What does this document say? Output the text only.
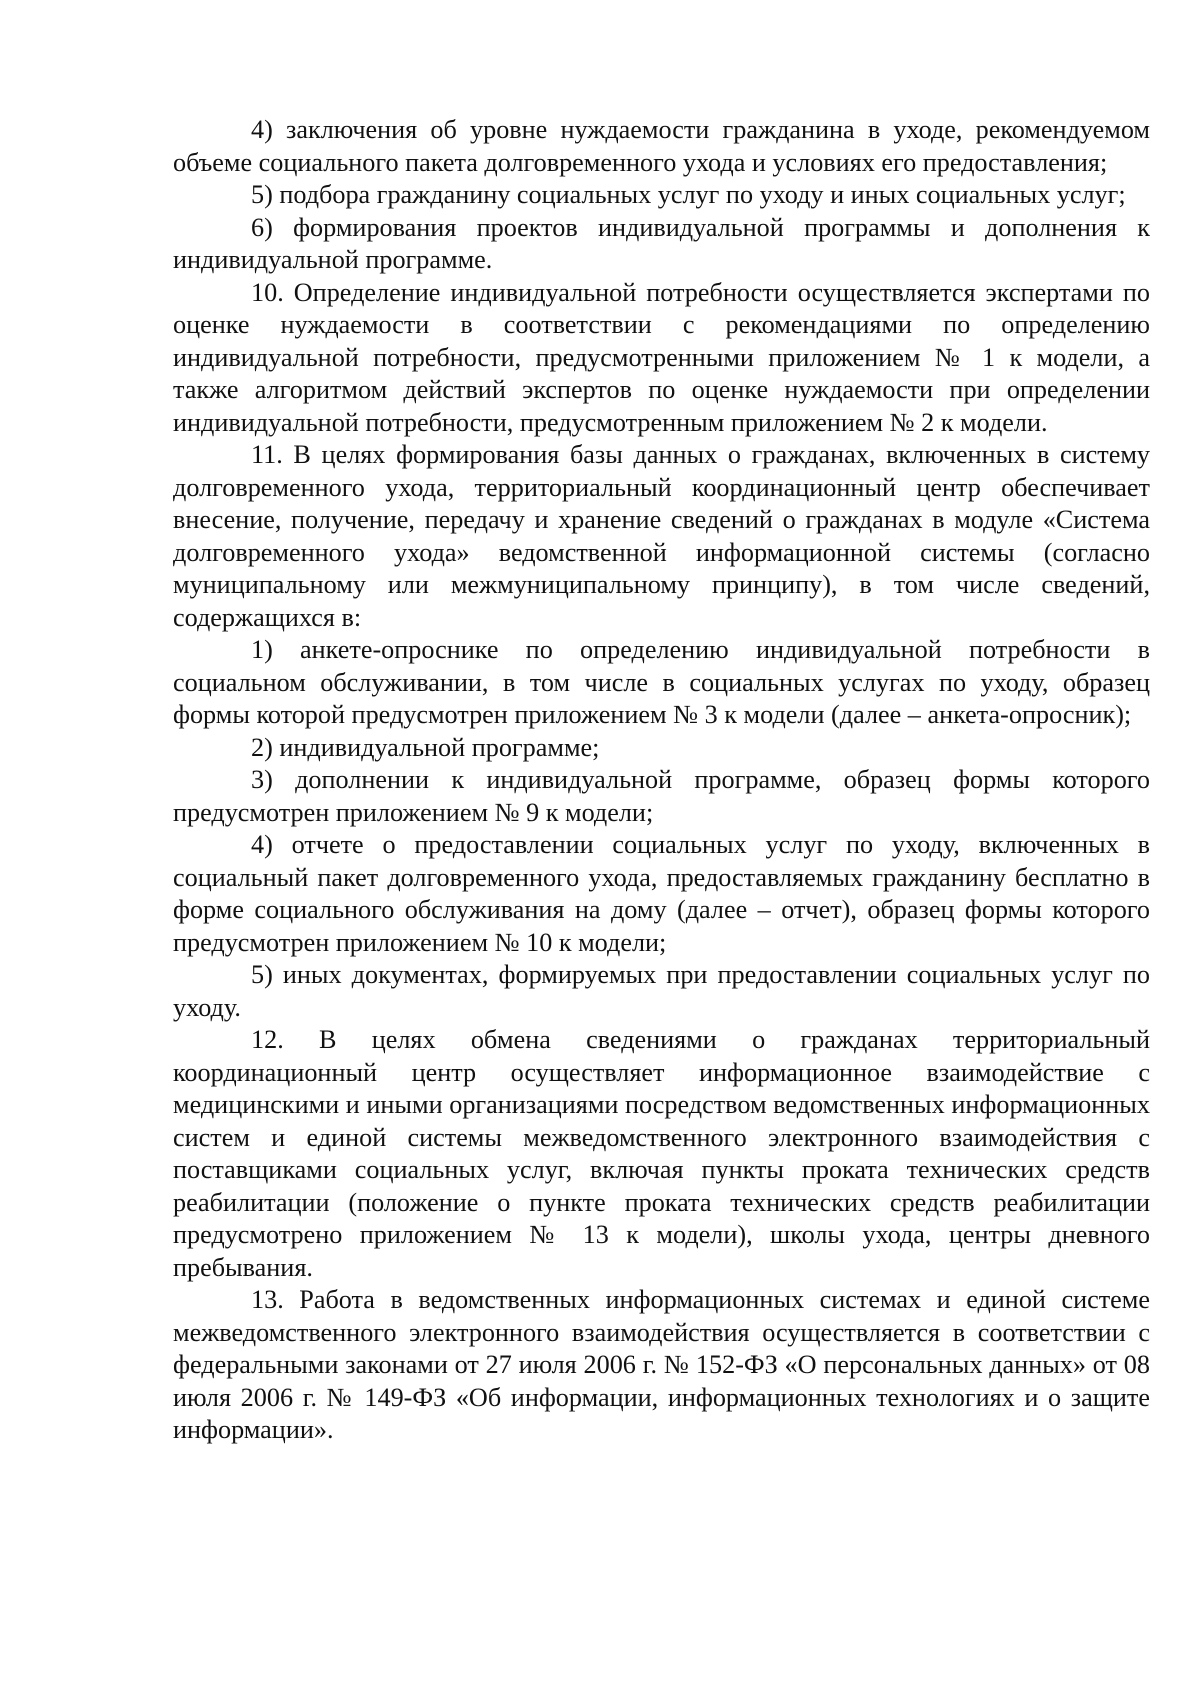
4) заключения об уровне нуждаемости гражданина в уходе, рекомендуемом объеме социального пакета долговременного ухода и условиях его предоставления;

5) подбора гражданину социальных услуг по уходу и иных социальных услуг;

6) формирования проектов индивидуальной программы и дополнения к индивидуальной программе.

10. Определение индивидуальной потребности осуществляется экспертами по оценке нуждаемости в соответствии с рекомендациями по определению индивидуальной потребности, предусмотренными приложением № 1 к модели, а также алгоритмом действий экспертов по оценке нуждаемости при определении индивидуальной потребности, предусмотренным приложением № 2 к модели.

11. В целях формирования базы данных о гражданах, включенных в систему долговременного ухода, территориальный координационный центр обеспечивает внесение, получение, передачу и хранение сведений о гражданах в модуле «Система долговременного ухода» ведомственной информационной системы (согласно муниципальному или межмуниципальному принципу), в том числе сведений, содержащихся в:

1) анкете-опроснике по определению индивидуальной потребности в социальном обслуживании, в том числе в социальных услугах по уходу, образец формы которой предусмотрен приложением № 3 к модели (далее – анкета-опросник);

2) индивидуальной программе;

3) дополнении к индивидуальной программе, образец формы которого предусмотрен приложением № 9 к модели;

4) отчете о предоставлении социальных услуг по уходу, включенных в социальный пакет долговременного ухода, предоставляемых гражданину бесплатно в форме социального обслуживания на дому (далее – отчет), образец формы которого предусмотрен приложением № 10 к модели;

5) иных документах, формируемых при предоставлении социальных услуг по уходу.

12. В целях обмена сведениями о гражданах территориальный координационный центр осуществляет информационное взаимодействие с медицинскими и иными организациями посредством ведомственных информационных систем и единой системы межведомственного электронного взаимодействия с поставщиками социальных услуг, включая пункты проката технических средств реабилитации (положение о пункте проката технических средств реабилитации предусмотрено приложением № 13 к модели), школы ухода, центры дневного пребывания.

13. Работа в ведомственных информационных системах и единой системе межведомственного электронного взаимодействия осуществляется в соответствии с федеральными законами от 27 июля 2006 г. № 152-ФЗ «О персональных данных» от 08 июля 2006 г. № 149-ФЗ «Об информации, информационных технологиях и о защите информации».
